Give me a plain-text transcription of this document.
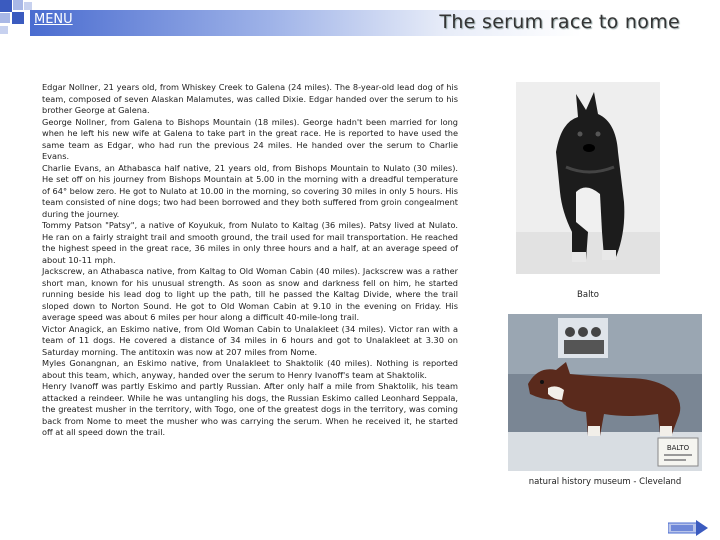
MENU	The serum race to nome

Edgar Nollner, 21 years old, from Whiskey Creek to Galena (24 miles). The 8-year-old lead dog of his team, composed of seven Alaskan Malamutes, was called Dixie. Edgar handed over the serum to his brother George at Galena.

George Nollner, from Galena to Bishops Mountain (18 miles). George hadn't been married for long when he left his new wife at Galena to take part in the great race. He is reported to have used the same team as Edgar, who had run the previous 24 miles. He handed over the serum to Charlie Evans.

Charlie Evans, an Athabasca half native, 21 years old, from Bishops Mountain to Nulato (30 miles). He set off on his journey from Bishops Mountain at 5.00 in the morning with a dreadful temperature of 64° below zero. He got to Nulato at 10.00 in the morning, so covering 30 miles in only 5 hours. His team consisted of nine dogs; two had been borrowed and they both suffered from groin congealment during the journey.

Tommy Patson "Patsy", a native of Koyukuk, from Nulato to Kaltag (36 miles). Patsy lived at Nulato. He ran on a fairly straight trail and smooth ground, the trail used for mail transportation. He reached the highest speed in the great race, 36 miles in only three hours and a half, at an average speed of about 10-11 mph.

Jackscrew, an Athabasca native, from Kaltag to Old Woman Cabin (40 miles). Jackscrew was a rather short man, known for his unusual strength. As soon as snow and darkness fell on him, he started running beside his lead dog to light up the path, till he passed the Kaltag Divide, where the trail sloped down to Norton Sound. He got to Old Woman Cabin at 9.10 in the evening on Friday. His average speed was about 6 miles per hour along a difficult 40-mile-long trail.

Victor Anagick, an Eskimo native, from Old Woman Cabin to Unalakleet (34 miles). Victor ran with a team of 11 dogs. He covered a distance of 34 miles in 6 hours and got to Unalakleet at 3.30 on Saturday morning. The antitoxin was now at 207 miles from Nome.

Myles Gonangnan, an Eskimo native, from Unalakleet to Shaktolik (40 miles). Nothing is reported about this team, which, anyway, handed over the serum to Henry Ivanoff's team at Shaktolik.

Henry Ivanoff was partly Eskimo and partly Russian. After only half a mile from Shaktolik, his team attacked a reindeer. While he was untangling his dogs, the Russian Eskimo called Leonhard Seppala, the greatest musher in the territory, with Togo, one of the greatest dogs in the territory, was coming back from Nome to meet the musher who was carrying the serum. When he received it, he started off at all speed down the trail.

Balto
BALTO
natural history museum - Cleveland
